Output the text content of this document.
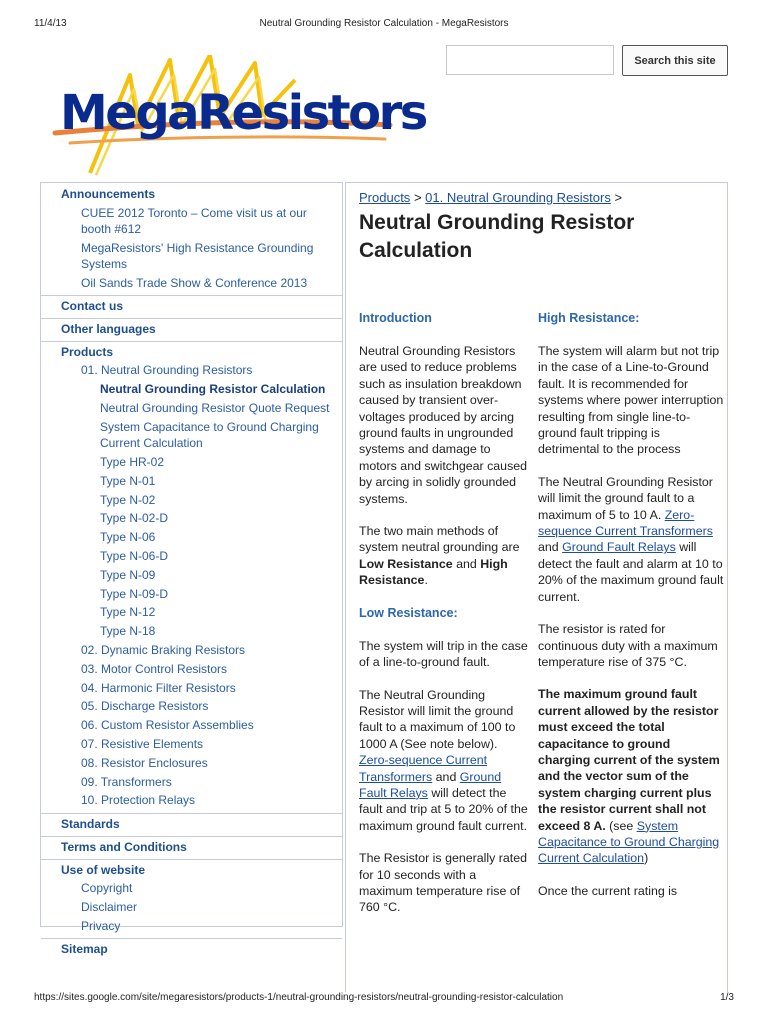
11/4/13	Neutral Grounding Resistor Calculation - MegaResistors
Search this site
MegaResistors
Announcements
CUEE 2012 Toronto – Come visit us at our booth #612
MegaResistors' High Resistance Grounding Systems
Oil Sands Trade Show & Conference 2013
Contact us
Other languages
Products
01. Neutral Grounding Resistors
Neutral Grounding Resistor Calculation
Neutral Grounding Resistor Quote Request
System Capacitance to Ground Charging Current Calculation
Type HR-02
Type N-01
Type N-02
Type N-02-D
Type N-06
Type N-06-D
Type N-09
Type N-09-D
Type N-12
Type N-18
02. Dynamic Braking Resistors
03. Motor Control Resistors
04. Harmonic Filter Resistors
05. Discharge Resistors
06. Custom Resistor Assemblies
07. Resistive Elements
08. Resistor Enclosures
09. Transformers
10. Protection Relays
Standards
Terms and Conditions
Use of website
Copyright
Disclaimer
Privacy
Sitemap
Products > 01. Neutral Grounding Resistors >
Neutral Grounding Resistor Calculation
Introduction

Neutral Grounding Resistors are used to reduce problems such as insulation breakdown caused by transient over-voltages produced by arcing ground faults in ungrounded systems and damage to motors and switchgear caused by arcing in solidly grounded systems.

The two main methods of system neutral grounding are Low Resistance and High Resistance.

Low Resistance:

The system will trip in the case of a line-to-ground fault.

The Neutral Grounding Resistor will limit the ground fault to a maximum of 100 to 1000 A (See note below). Zero-sequence Current Transformers and Ground Fault Relays will detect the fault and trip at 5 to 20% of the maximum ground fault current.

The Resistor is generally rated for 10 seconds with a maximum temperature rise of 760 °C.

High Resistance:

The system will alarm but not trip in the case of a Line-to-Ground fault. It is recommended for systems where power interruption resulting from single line-to-ground fault tripping is detrimental to the process

The Neutral Grounding Resistor will limit the ground fault to a maximum of 5 to 10 A. Zero-sequence Current Transformers and Ground Fault Relays will detect the fault and alarm at 10 to 20% of the maximum ground fault current.

The resistor is rated for continuous duty with a maximum temperature rise of 375 °C.

The maximum ground fault current allowed by the resistor must exceed the total capacitance to ground charging current of the system and the vector sum of the system charging current plus the resistor current shall not exceed 8 A. (see System Capacitance to Ground Charging Current Calculation)

Once the current rating is

https://sites.google.com/site/megaresistors/products-1/neutral-grounding-resistors/neutral-grounding-resistor-calculation	1/3
